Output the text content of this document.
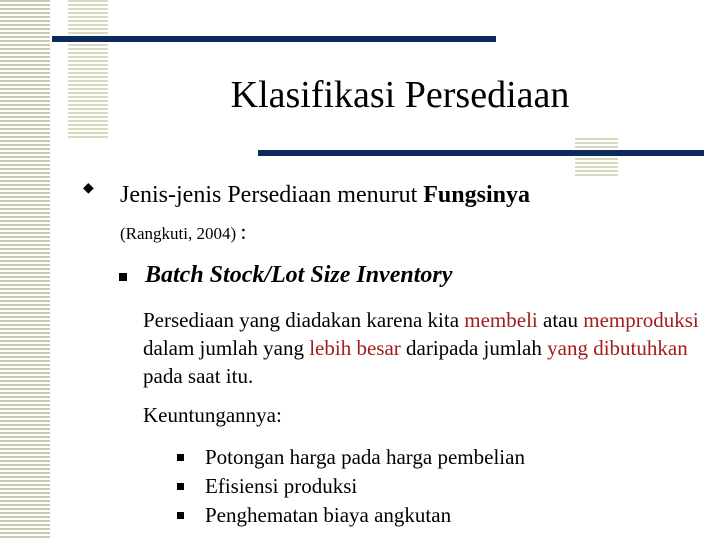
Klasifikasi Persediaan
◆ Jenis-jenis Persediaan menurut Fungsinya
(Rangkuti, 2004) :
Batch Stock/Lot Size Inventory
Persediaan yang diadakan karena kita membeli atau memproduksi dalam jumlah yang lebih besar daripada jumlah yang dibutuhkan pada saat itu.
Keuntungannya:
Potongan harga pada harga pembelian
Efisiensi produksi
Penghematan biaya angkutan
